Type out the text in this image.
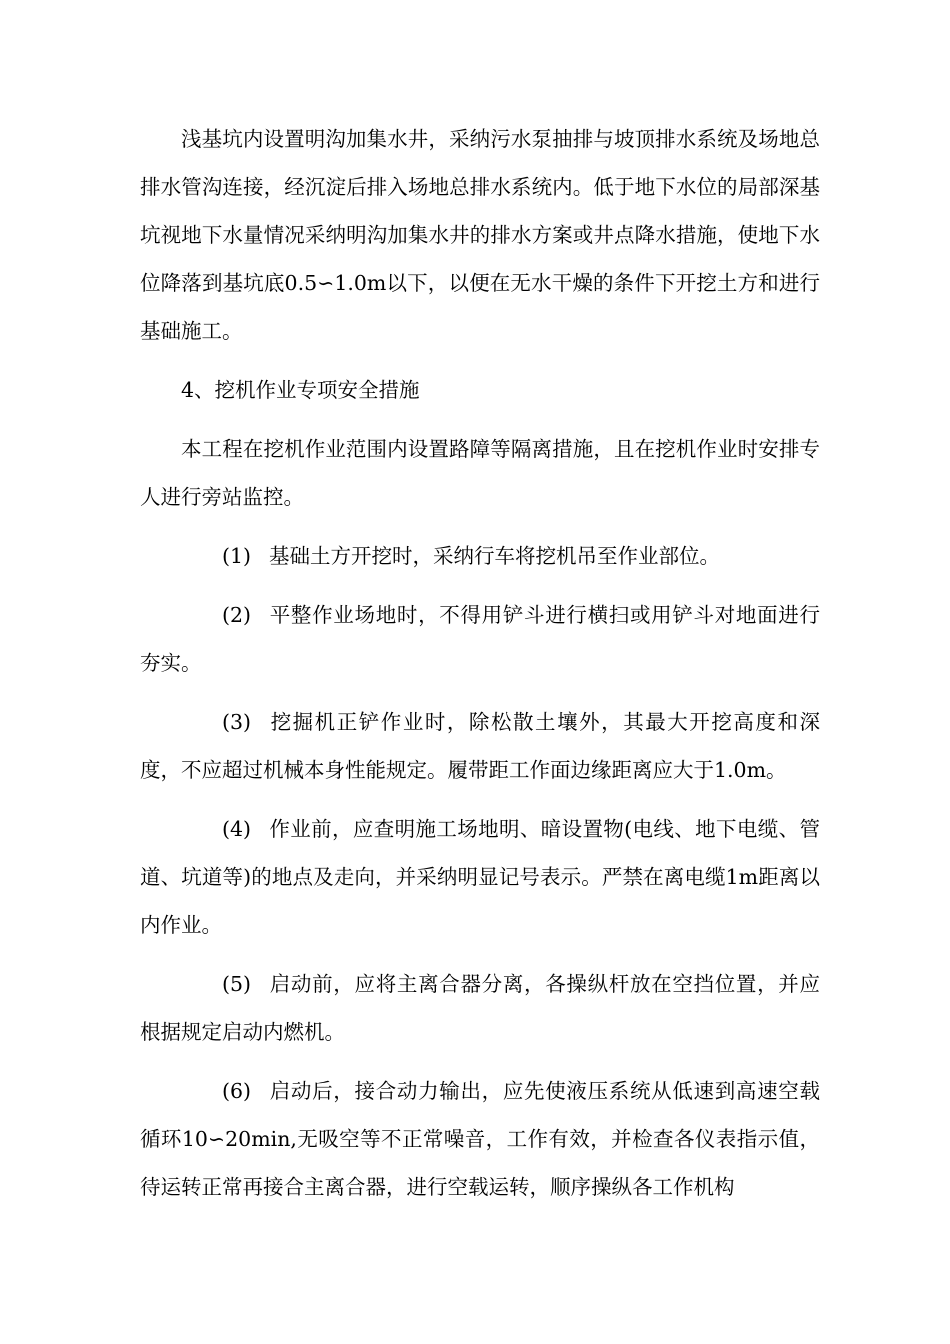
浅基坑内设置明沟加集水井，采纳污水泵抽排与坡顶排水系统及场地总排水管沟连接，经沉淀后排入场地总排水系统内。低于地下水位的局部深基坑视地下水量情况采纳明沟加集水井的排水方案或井点降水措施，使地下水位降落到基坑底0.5∽1.0m以下，以便在无水干燥的条件下开挖土方和进行基础施工。

4、挖机作业专项安全措施

本工程在挖机作业范围内设置路障等隔离措施，且在挖机作业时安排专人进行旁站监控。

(1) 基础土方开挖时，采纳行车将挖机吊至作业部位。

(2) 平整作业场地时，不得用铲斗进行横扫或用铲斗对地面进行夯实。

(3) 挖掘机正铲作业时，除松散土壤外，其最大开挖高度和深度，不应超过机械本身性能规定。履带距工作面边缘距离应大于1.0m。

(4) 作业前，应查明施工场地明、暗设置物(电线、地下电缆、管道、坑道等)的地点及走向，并采纳明显记号表示。严禁在离电缆1m距离以内作业。

(5) 启动前，应将主离合器分离，各操纵杆放在空挡位置，并应根据规定启动内燃机。

(6) 启动后，接合动力输出，应先使液压系统从低速到高速空载循环10∽20min,无吸空等不正常噪音，工作有效，并检查各仪表指示值，待运转正常再接合主离合器，进行空载运转，顺序操纵各工作机构
